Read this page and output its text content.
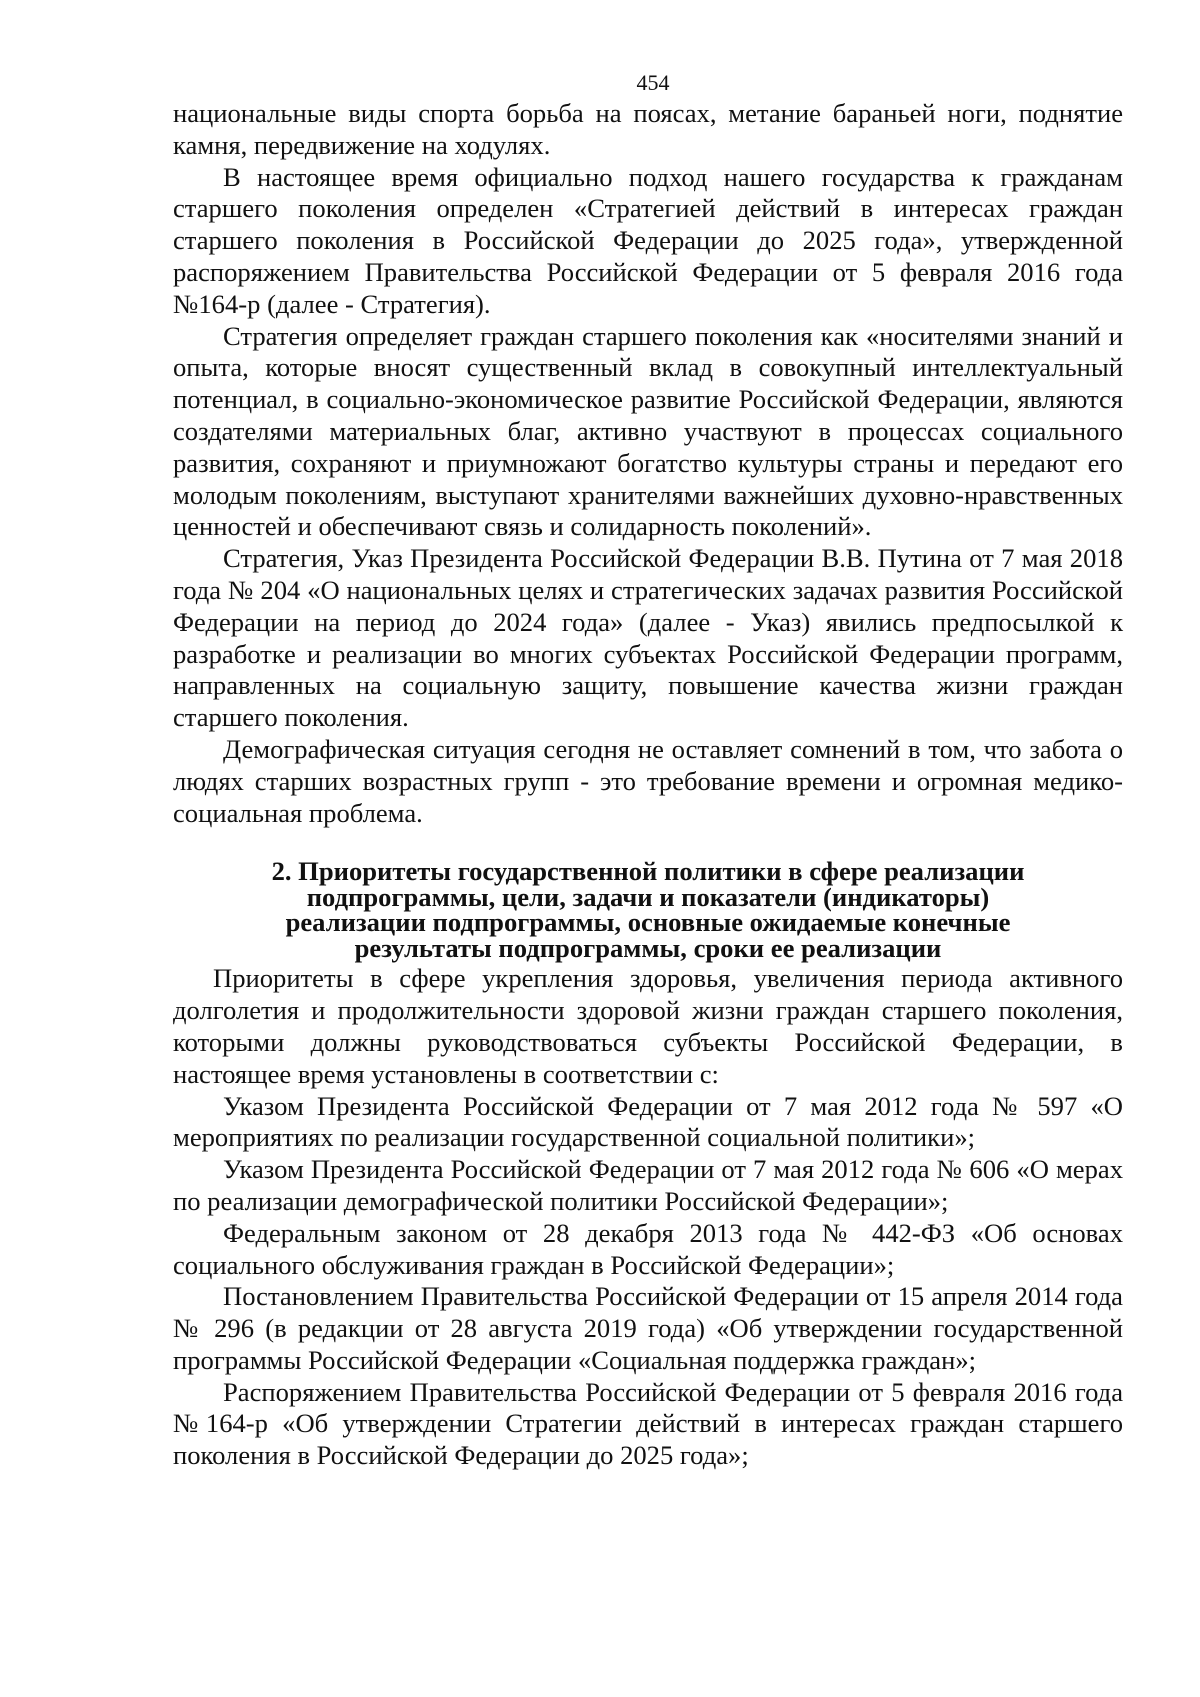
454

национальные виды спорта борьба на поясах, метание бараньей ноги, поднятие камня, передвижение на ходулях.

В настоящее время официально подход нашего государства к гражданам старшего поколения определен «Стратегией действий в интересах граждан старшего поколения в Российской Федерации до 2025 года», утвержденной распоряжением Правительства Российской Федерации от 5 февраля 2016 года №164-р (далее - Стратегия).

Стратегия определяет граждан старшего поколения как «носителями знаний и опыта, которые вносят существенный вклад в совокупный интеллектуальный потенциал, в социально-экономическое развитие Российской Федерации, являются создателями материальных благ, активно участвуют в процессах социального развития, сохраняют и приумножают богатство культуры страны и передают его молодым поколениям, выступают хранителями важнейших духовно-нравственных ценностей и обеспечивают связь и солидарность поколений».

Стратегия, Указ Президента Российской Федерации В.В. Путина от 7 мая 2018 года № 204 «О национальных целях и стратегических задачах развития Российской Федерации на период до 2024 года» (далее - Указ) явились предпосылкой к разработке и реализации во многих субъектах Российской Федерации программ, направленных на социальную защиту, повышение качества жизни граждан старшего поколения.

Демографическая ситуация сегодня не оставляет сомнений в том, что забота о людях старших возрастных групп - это требование времени и огромная медико-социальная проблема.

2. Приоритеты государственной политики в сфере реализации
подпрограммы, цели, задачи и показатели (индикаторы)
реализации подпрограммы, основные ожидаемые конечные
результаты подпрограммы, сроки ее реализации

Приоритеты в сфере укрепления здоровья, увеличения периода активного долголетия и продолжительности здоровой жизни граждан старшего поколения, которыми должны руководствоваться субъекты Российской Федерации, в настоящее время установлены в соответствии с:

Указом Президента Российской Федерации от 7 мая 2012 года № 597 «О мероприятиях по реализации государственной социальной политики»;

Указом Президента Российской Федерации от 7 мая 2012 года № 606 «О мерах по реализации демографической политики Российской Федерации»;

Федеральным законом от 28 декабря 2013 года № 442-ФЗ «Об основах социального обслуживания граждан в Российской Федерации»;

Постановлением Правительства Российской Федерации от 15 апреля 2014 года № 296 (в редакции от 28 августа 2019 года) «Об утверждении государственной программы Российской Федерации «Социальная поддержка граждан»;

Распоряжением Правительства Российской Федерации от 5 февраля 2016 года №164-р «Об утверждении Стратегии действий в интересах граждан старшего поколения в Российской Федерации до 2025 года»;
